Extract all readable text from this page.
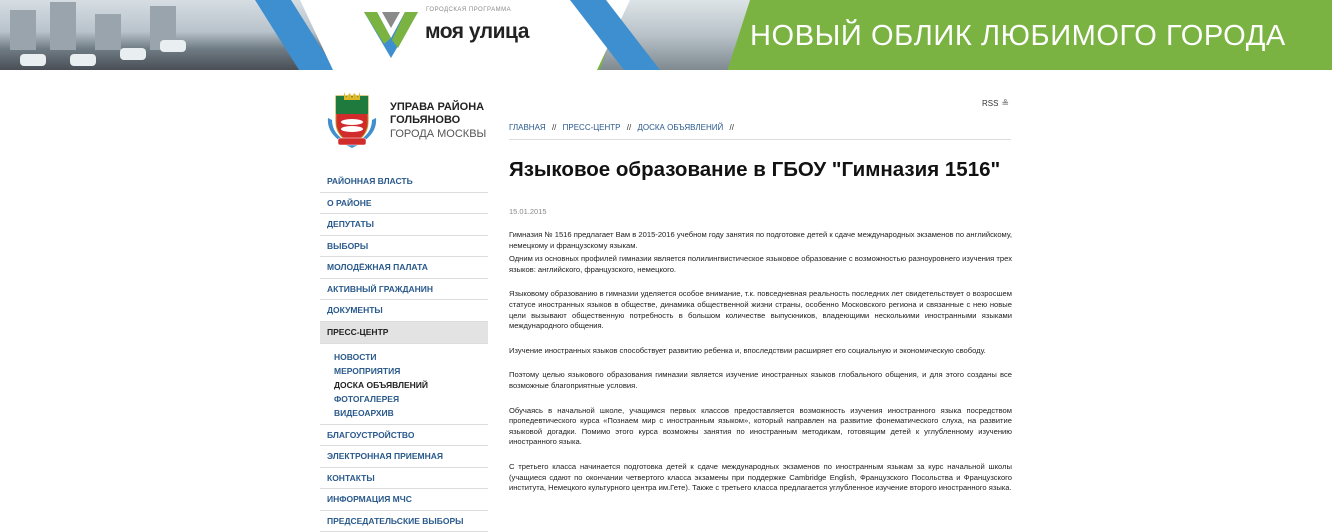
ГОРОДСКАЯ ПРОГРАММА
моя улица	НОВЫЙ ОБЛИК ЛЮБИМОГО ГОРОДА
УПРАВА РАЙОНА
ГОЛЬЯНОВО
ГОРОДА МОСКВЫ
РАЙОННАЯ ВЛАСТЬ
О РАЙОНЕ
ДЕПУТАТЫ
ВЫБОРЫ
МОЛОДЁЖНАЯ ПАЛАТА
АКТИВНЫЙ ГРАЖДАНИН
ДОКУМЕНТЫ
ПРЕСС-ЦЕНТР
НОВОСТИ
МЕРОПРИЯТИЯ
ДОСКА ОБЪЯВЛЕНИЙ
ФОТОГАЛЕРЕЯ
ВИДЕОАРХИВ
БЛАГОУСТРОЙСТВО
ЭЛЕКТРОННАЯ ПРИЕМНАЯ
КОНТАКТЫ
ИНФОРМАЦИЯ МЧС
ПРЕДСЕДАТЕЛЬСКИЕ ВЫБОРЫ
RSS ≗
ГЛАВНАЯ // ПРЕСС-ЦЕНТР // ДОСКА ОБЪЯВЛЕНИЙ //
Языковое образование в ГБОУ "Гимназия 1516"
15.01.2015

Гимназия № 1516 предлагает Вам в 2015-2016 учебном году занятия по подготовке детей к сдаче международных экзаменов по английскому, немецкому и французскому языкам.

Одним из основных профилей гимназии является полилингвистическое языковое образование с возможностью разноуровнего изучения трех языков: английского, французского, немецкого.

Языковому образованию в гимназии уделяется особое внимание, т.к. повседневная реальность последних лет свидетельствует о возросшем статусе иностранных языков в обществе, динамика общественной жизни страны, особенно Московского региона и связанные с нею новые цели вызывают общественную потребность в большом количестве выпускников, владеющими несколькими иностранными языками международного общения.

Изучение иностранных языков способствует развитию ребенка и, впоследствии расширяет его социальную и экономическую свободу.

Поэтому целью языкового образования гимназии является изучение иностранных языков глобального общения, и для этого созданы все возможные благоприятные условия.

Обучаясь в начальной школе, учащимся первых классов предоставляется возможность изучения иностранного языка посредством пропедевтического курса «Познаем мир с иностранным языком», который направлен на развитие фонематического слуха, на развитие языковой догадки. Помимо этого курса возможны занятия по иностранным методикам, готовящим детей к углубленному изучению иностранного языка.

С третьего класса начинается подготовка детей к сдаче международных экзаменов по иностранным языкам за курс начальной школы (учащиеся сдают по окончании четвертого класса экзамены при поддержке Cambridge English, Французского Посольства и Французского института, Немецкого культурного центра им.Гете). Также с третьего класса предлагается углубленное изучение второго иностранного языка.
